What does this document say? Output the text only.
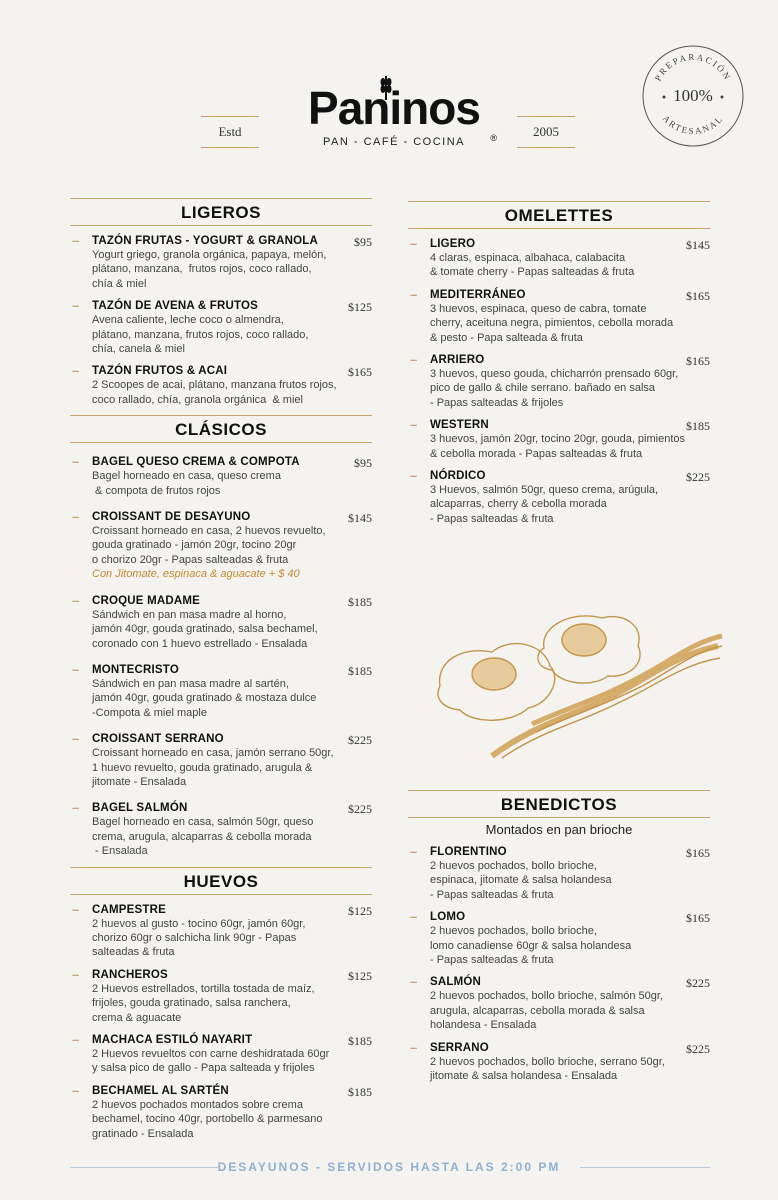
Estd	2005
Paninos
®
PAN - CAFÉ - COCINA
PREPARACIÓN
100%
ARTESANAL
LIGEROS
– TAZÓN FRUTAS - YOGURT & GRANOLA	$95
Yogurt griego, granola orgánica, papaya, melón,
plátano, manzana,  frutos rojos, coco rallado,
chía & miel
– TAZÓN DE AVENA & FRUTOS	$125
Avena caliente, leche coco o almendra,
plátano, manzana, frutos rojos, coco rallado,
chía, canela & miel
– TAZÓN FRUTOS & ACAI	$165
2 Scoopes de acai, plátano, manzana frutos rojos,
coco rallado, chía, granola orgánica  & miel
CLÁSICOS
– BAGEL QUESO CREMA & COMPOTA	$95
Bagel horneado en casa, queso crema
& compota de frutos rojos
– CROISSANT DE DESAYUNO	$145
Croissant horneado en casa, 2 huevos revuelto,
gouda gratinado - jamón 20gr, tocino 20gr
o chorizo 20gr - Papas salteadas & fruta
Con Jitomate, espinaca & aguacate + $ 40
– CROQUE MADAME	$185
Sándwich en pan masa madre al horno,
jamón 40gr, gouda gratinado, salsa bechamel,
coronado con 1 huevo estrellado - Ensalada
– MONTECRISTO	$185
Sándwich en pan masa madre al sartén,
jamón 40gr, gouda gratinado & mostaza dulce
-Compota & miel maple
– CROISSANT SERRANO	$225
Croissant horneado en casa, jamón serrano 50gr,
1 huevo revuelto, gouda gratinado, arugula &
jitomate - Ensalada
– BAGEL SALMÓN	$225
Bagel horneado en casa, salmón 50gr, queso
crema, arugula, alcaparras & cebolla morada
- Ensalada
HUEVOS
– CAMPESTRE	$125
2 huevos al gusto - tocino 60gr, jamón 60gr,
chorizo 60gr o salchicha link 90gr - Papas
salteadas & fruta
– RANCHEROS	$125
2 Huevos estrellados, tortilla tostada de maíz,
frijoles, gouda gratinado, salsa ranchera,
crema & aguacate
– MACHACA ESTILÓ NAYARIT	$185
2 Huevos revueltos con carne deshidratada 60gr
y salsa pico de gallo - Papa salteada y frijoles
– BECHAMEL AL SARTÉN	$185
2 huevos pochados montados sobre crema
bechamel, tocino 40gr, portobello & parmesano
gratinado - Ensalada
OMELETTES
– LIGERO	$145
4 claras, espinaca, albahaca, calabacita
& tomate cherry - Papas salteadas & fruta
– MEDITERRÁNEO	$165
3 huevos, espinaca, queso de cabra, tomate
cherry, aceituna negra, pimientos, cebolla morada
& pesto - Papa salteada & fruta
– ARRIERO	$165
3 huevos, queso gouda, chicharrón prensado 60gr,
pico de gallo & chile serrano. bañado en salsa
- Papas salteadas & frijoles
– WESTERN	$185
3 huevos, jamón 20gr, tocino 20gr, gouda, pimientos
& cebolla morada - Papas salteadas & fruta
– NÓRDICO	$225
3 Huevos, salmón 50gr, queso crema, arúgula,
alcaparras, cherry & cebolla morada
- Papas salteadas & fruta
BENEDICTOS
Montados en pan brioche
– FLORENTINO	$165
2 huevos pochados, bollo brioche,
espinaca, jitomate & salsa holandesa
- Papas salteadas & fruta
– LOMO	$165
2 huevos pochados, bollo brioche,
lomo canadiense 60gr & salsa holandesa
- Papas salteadas & fruta
– SALMÓN	$225
2 huevos pochados, bollo brioche, salmón 50gr,
arugula, alcaparras, cebolla morada & salsa
holandesa - Ensalada
– SERRANO	$225
2 huevos pochados, bollo brioche, serrano 50gr,
jitomate & salsa holandesa - Ensalada
DESAYUNOS - SERVIDOS HASTA LAS 2:00 PM
